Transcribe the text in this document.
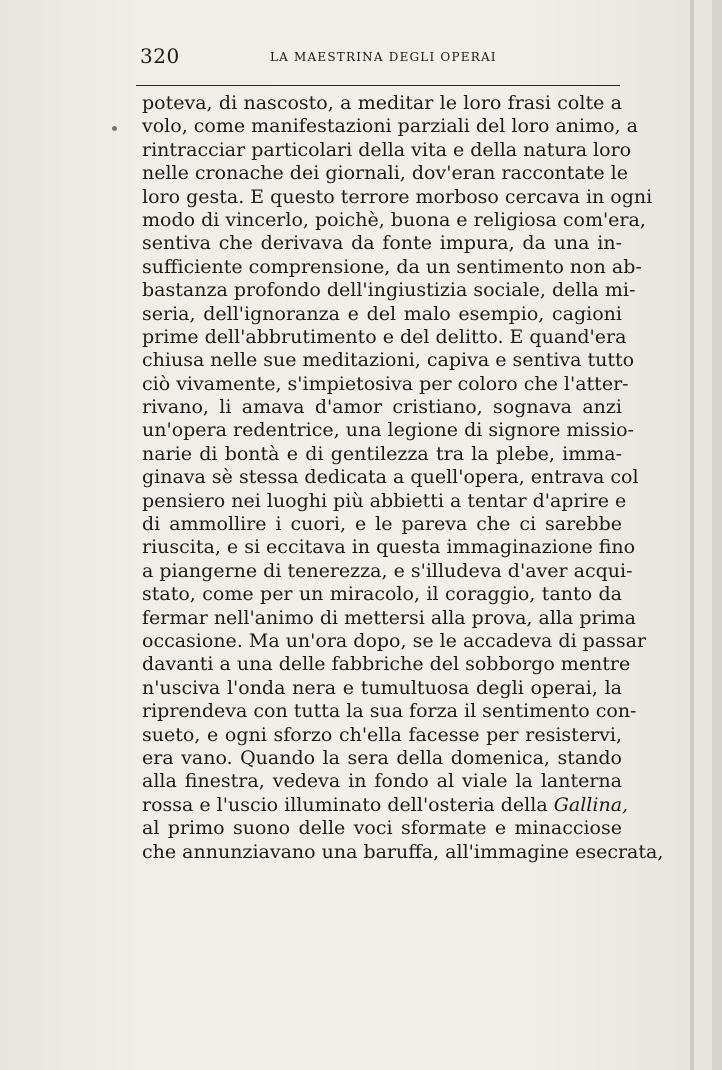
320	LA MAESTRINA DEGLI OPERAI
poteva, di nascosto, a meditar le loro frasi colte a
volo, come manifestazioni parziali del loro animo, a
rintracciar particolari della vita e della natura loro
nelle cronache dei giornali, dov'eran raccontate le
loro gesta. E questo terrore morboso cercava in ogni
modo di vincerlo, poichè, buona e religiosa com'era,
sentiva che derivava da fonte impura, da una in-
sufficiente comprensione, da un sentimento non ab-
bastanza profondo dell'ingiustizia sociale, della mi-
seria, dell'ignoranza e del malo esempio, cagioni
prime dell'abbrutimento e del delitto. E quand'era
chiusa nelle sue meditazioni, capiva e sentiva tutto
ciò vivamente, s'impietosiva per coloro che l'atter-
rivano, li amava d'amor cristiano, sognava anzi
un'opera redentrice, una legione di signore missio-
narie di bontà e di gentilezza tra la plebe, imma-
ginava sè stessa dedicata a quell'opera, entrava col
pensiero nei luoghi più abbietti a tentar d'aprire e
di ammollire i cuori, e le pareva che ci sarebbe
riuscita, e si eccitava in questa immaginazione fino
a piangerne di tenerezza, e s'illudeva d'aver acqui-
stato, come per un miracolo, il coraggio, tanto da
fermar nell'animo di mettersi alla prova, alla prima
occasione. Ma un'ora dopo, se le accadeva di passar
davanti a una delle fabbriche del sobborgo mentre
n'usciva l'onda nera e tumultuosa degli operai, la
riprendeva con tutta la sua forza il sentimento con-
sueto, e ogni sforzo ch'ella facesse per resistervi,
era vano. Quando la sera della domenica, stando
alla finestra, vedeva in fondo al viale la lanterna
rossa e l'uscio illuminato dell'osteria della Gallina,
al primo suono delle voci sformate e minacciose
che annunziavano una baruffa, all'immagine esecrata,
